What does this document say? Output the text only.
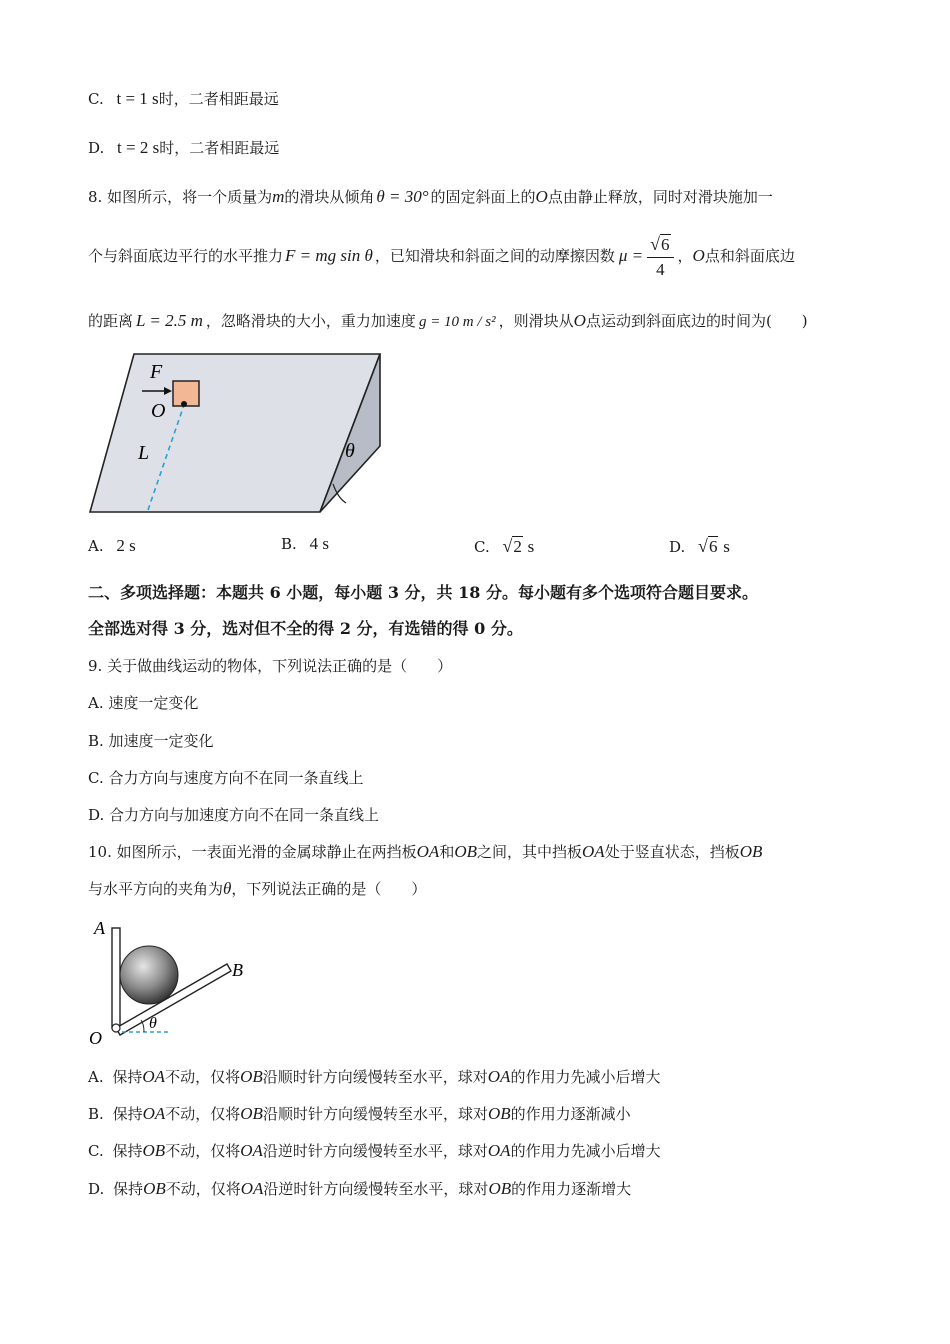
C. t = 1 s时，二者相距最远
D. t = 2 s时，二者相距最远
8. 如图所示，将一个质量为m的滑块从倾角 θ = 30° 的固定斜面上的O点由静止释放，同时对滑块施加一
个与斜面底边平行的水平推力 F = mg sin θ ，已知滑块和斜面之间的动摩擦因数 $\mu = \frac{√6}{4}$ ，O点和斜面底边
的距离 L = 2.5 m ，忽略滑块的大小，重力加速度 g = 10 m / s² ，则滑块从O点运动到斜面底边的时间为(　　)
F
O
L	θ
A. 2 s	B. 4 s	C. √2 s	D. √6 s
二、多项选择题：本题共 6 小题，每小题 3 分，共 18 分。每小题有多个选项符合题目要求。
全部选对得 3 分，选对但不全的得 2 分，有选错的得 0 分。
9. 关于做曲线运动的物体，下列说法正确的是（　　）
A. 速度一定变化
B. 加速度一定变化
C. 合力方向与速度方向不在同一条直线上
D. 合力方向与加速度方向不在同一条直线上
10. 如图所示，一表面光滑的金属球静止在两挡板OA和OB之间，其中挡板OA处于竖直状态，挡板OB
与水平方向的夹角为θ，下列说法正确的是（　　）
A
B
O
θ
A. 保持OA不动，仅将OB沿顺时针方向缓慢转至水平，球对OA的作用力先减小后增大
B. 保持OA不动，仅将OB沿顺时针方向缓慢转至水平，球对OB的作用力逐渐减小
C. 保持OB不动，仅将OA沿逆时针方向缓慢转至水平，球对OA的作用力先减小后增大
D. 保持OB不动，仅将OA沿逆时针方向缓慢转至水平，球对OB的作用力逐渐增大
